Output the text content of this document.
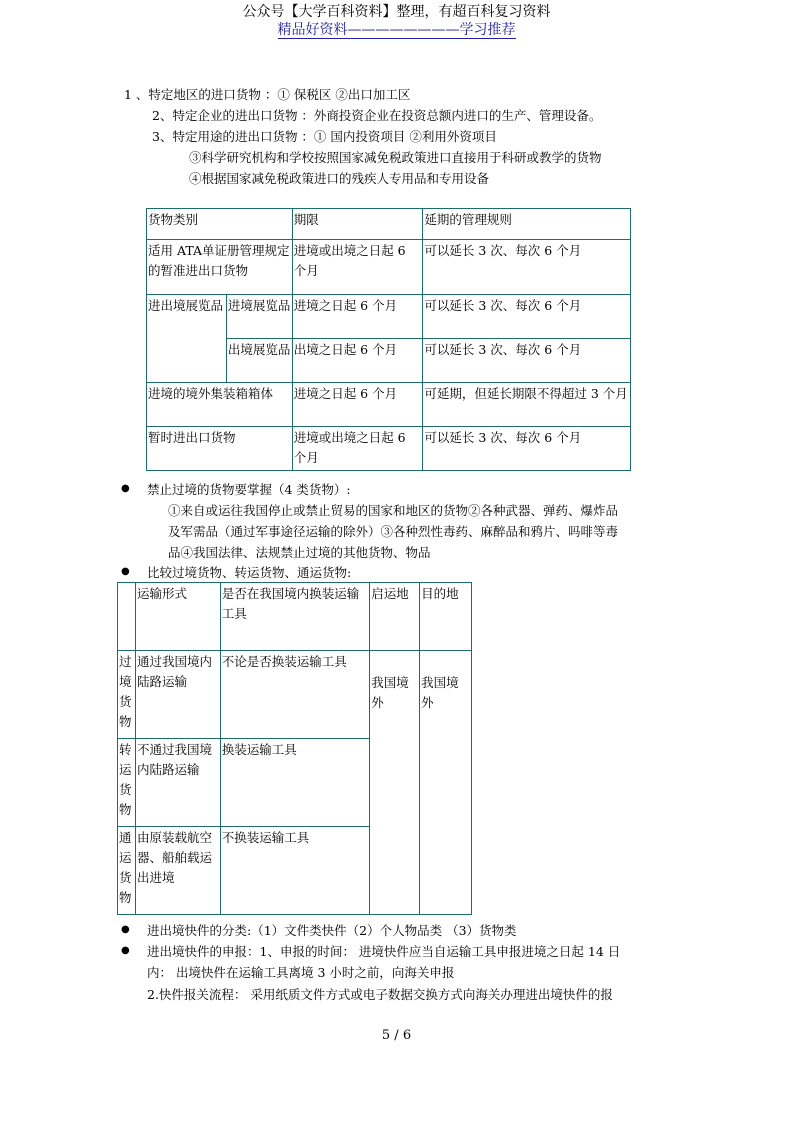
公众号【大学百科资料】整理，有超百科复习资料
精品好资料————————学习推荐
1 、特定地区的进口货物 ：① 保税区 ②出口加工区
2、特定企业的进出口货物 ：外商投资企业在投资总额内进口的生产、管理设备。
3、特定用途的进出口货物 ：① 国内投资项目 ②利用外资项目
③科学研究机构和学校按照国家减免税政策进口直接用于科研或教学的货物
④根据国家减免税政策进口的残疾人专用品和专用设备
货物类别		期限	延期的管理规则
适用 ATA单证册管理规定的暂准进出口货物		进境或出境之日起 6 个月	可以延长 3 次、每次 6 个月
进出境展览品	进境展览品	进境之日起 6 个月	可以延长 3 次、每次 6 个月
	出境展览品	出境之日起 6 个月	可以延长 3 次、每次 6 个月
进境的境外集装箱箱体		进境之日起 6 个月	可延期，但延长期限不得超过 3 个月
暂时进出口货物		进境或出境之日起 6 个月	可以延长 3 次、每次 6 个月
● 禁止过境的货物要掌握（4 类货物）:
①来自或运往我国停止或禁止贸易的国家和地区的货物②各种武器、弹药、爆炸品
及军需品（通过军事途径运输的除外）③各种烈性毒药、麻醉品和鸦片、吗啡等毒
品④我国法律、法规禁止过境的其他货物、物品
● 比较过境货物、转运货物、通运货物:
	运输形式	是否在我国境内换装运输工具	启运地	目的地
过境货物	通过我国境内陆路运输	不论是否换装运输工具	我国境外	我国境外
转运货物	不通过我国境内陆路运输	换装运输工具		
通运货物	由原装载航空器、船舶载运出进境	不换装运输工具		
● 进出境快件的分类:（1）文件类快件（2）个人物品类 （3）货物类
● 进出境快件的申报：1、申报的时间： 进境快件应当自运输工具申报进境之日起 14 日
内： 出境快件在运输工具离境 3 小时之前，向海关申报
2.快件报关流程： 采用纸质文件方式或电子数据交换方式向海关办理进出境快件的报
5 / 6
